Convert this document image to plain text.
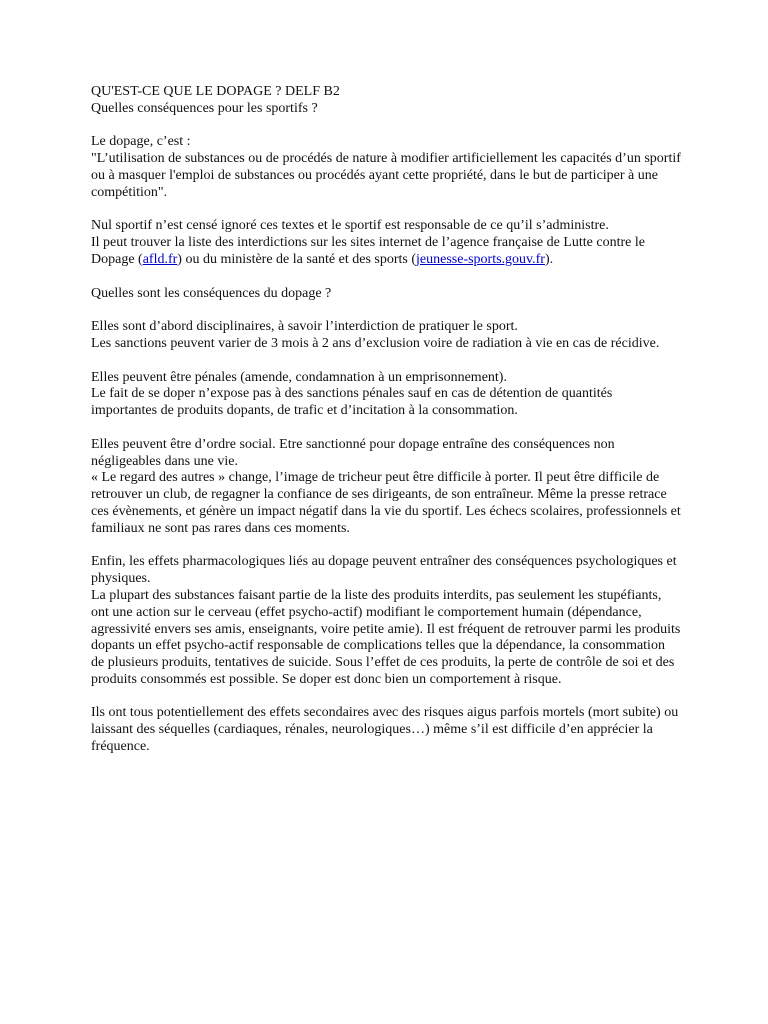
QU'EST-CE QUE LE DOPAGE ? DELF B2

Quelles conséquences pour les sportifs ?

Le dopage, c’est :

"L’utilisation de substances ou de procédés de nature à modifier artificiellement les capacités d’un sportif ou à masquer l'emploi de substances ou procédés ayant cette propriété, dans le but de participer à une compétition".

Nul sportif n’est censé ignoré ces textes et le sportif est responsable de ce qu’il s’administre.

Il peut trouver la liste des interdictions sur les sites internet de l’agence française de Lutte contre le Dopage (afld.fr) ou du ministère de la santé et des sports (jeunesse-sports.gouv.fr).

Quelles sont les conséquences du dopage ?

Elles sont d’abord disciplinaires, à savoir l’interdiction de pratiquer le sport.

Les sanctions peuvent varier de 3 mois à 2 ans d’exclusion voire de radiation à vie en cas de récidive.

Elles peuvent être pénales (amende, condamnation à un emprisonnement).

Le fait de se doper n’expose pas à des sanctions pénales sauf en cas de détention de quantités importantes de produits dopants, de trafic et d’incitation à la consommation.

Elles peuvent être d’ordre social. Etre sanctionné pour dopage entraîne des conséquences non négligeables dans une vie.

« Le regard des autres » change, l’image de tricheur peut être difficile à porter. Il peut être difficile de retrouver un club, de regagner la confiance de ses dirigeants, de son entraîneur. Même la presse retrace ces évènements, et génère un impact négatif dans la vie du sportif. Les échecs scolaires, professionnels et familiaux ne sont pas rares dans ces moments.

Enfin, les effets pharmacologiques liés au dopage peuvent entraîner des conséquences psychologiques et physiques.

La plupart des substances faisant partie de la liste des produits interdits, pas seulement les stupéfiants, ont une action sur le cerveau (effet psycho-actif) modifiant le comportement humain (dépendance, agressivité envers ses amis, enseignants, voire petite amie). Il est fréquent de retrouver parmi les produits dopants un effet psycho-actif responsable de complications telles que la dépendance, la consommation de plusieurs produits, tentatives de suicide. Sous l’effet de ces produits, la perte de contrôle de soi et des produits consommés est possible. Se doper est donc bien un comportement à risque.

Ils ont tous potentiellement des effets secondaires avec des risques aigus parfois mortels (mort subite) ou laissant des séquelles (cardiaques, rénales, neurologiques…) même s’il est difficile d’en apprécier la fréquence.
